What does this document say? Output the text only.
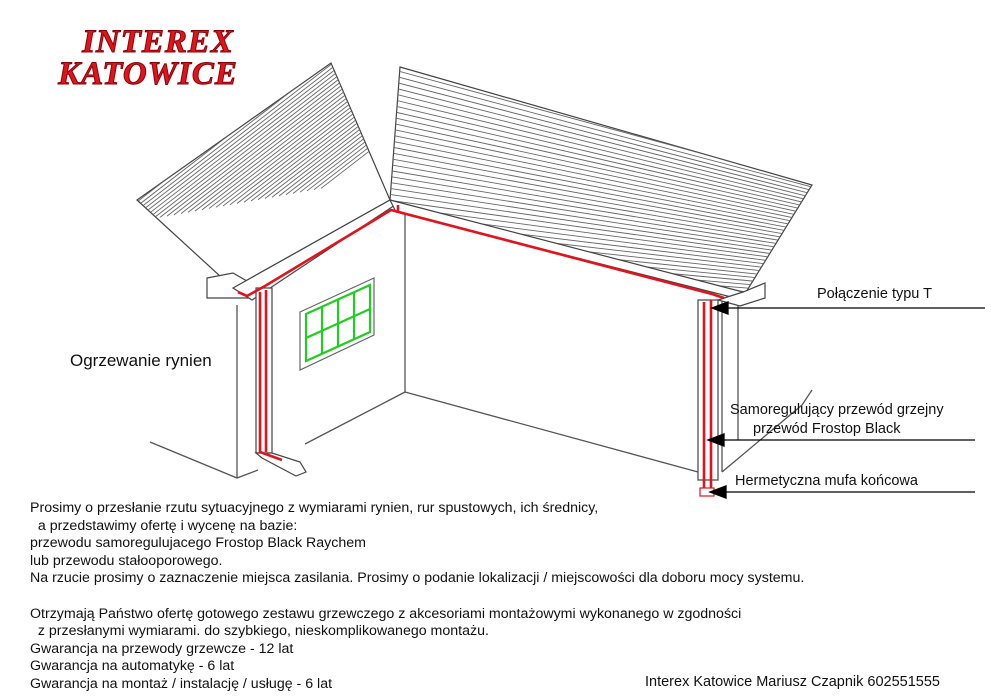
INTEREX
KATOWICE
Ogrzewanie rynien
Połączenie typu T
Samoregulujący przewód grzejny
przewód Frostop Black
Hermetyczna mufa końcowa
Prosimy o przesłanie rzutu sytuacyjnego z wymiarami rynien, rur spustowych, ich średnicy,
a przedstawimy ofertę i wycenę na bazie:
przewodu samoregulujacego Frostop Black Raychem
lub przewodu stałooporowego.
Na rzucie prosimy o zaznaczenie miejsca zasilania. Prosimy o podanie lokalizacji / miejscowości dla doboru mocy systemu.
Otrzymają Państwo ofertę gotowego zestawu grzewczego z akcesoriami montażowymi wykonanego w zgodności
z przesłanymi wymiarami. do szybkiego, nieskomplikowanego montażu.
Gwarancja na przewody grzewcze - 12 lat
Gwarancja na automatykę - 6 lat
Gwarancja na montaż / instalację / usługę - 6 lat	Interex Katowice Mariusz Czapnik 602551555
